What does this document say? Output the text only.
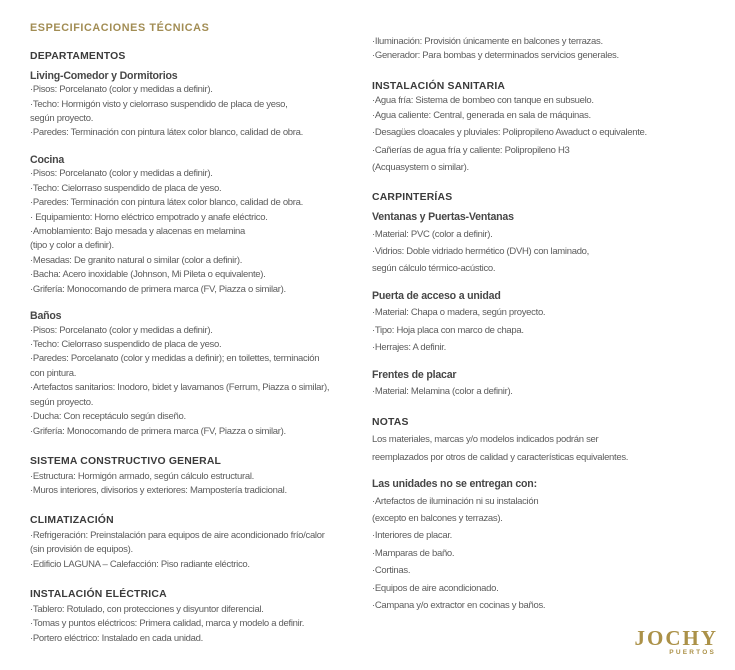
ESPECIFICACIONES TÉCNICAS
DEPARTAMENTOS
Living-Comedor y Dormitorios
·Pisos: Porcelanato (color y medidas a definir).
·Techo: Hormigón visto y cielorraso suspendido de placa de yeso,
según proyecto.
·Paredes: Terminación con pintura látex color blanco, calidad de obra.
Cocina
·Pisos: Porcelanato (color y medidas a definir).
·Techo: Cielorraso suspendido de placa de yeso.
·Paredes: Terminación con pintura látex color blanco, calidad de obra.
· Equipamiento: Horno eléctrico empotrado y anafe eléctrico.
·Amoblamiento: Bajo mesada y alacenas en melamina
(tipo y color a definir).
·Mesadas: De granito natural o similar (color a definir).
·Bacha: Acero inoxidable (Johnson, Mi Pileta o equivalente).
·Grifería: Monocomando de primera marca (FV, Piazza o similar).
Baños
·Pisos: Porcelanato (color y medidas a definir).
·Techo: Cielorraso suspendido de placa de yeso.
·Paredes: Porcelanato (color y medidas a definir); en toilettes, terminación
con pintura.
·Artefactos sanitarios: Inodoro, bidet y lavamanos (Ferrum, Piazza o similar),
según proyecto.
·Ducha: Con receptáculo según diseño.
·Grifería: Monocomando de primera marca (FV, Piazza o similar).
SISTEMA CONSTRUCTIVO GENERAL
·Estructura: Hormigón armado, según cálculo estructural.
·Muros interiores, divisorios y exteriores: Mampostería tradicional.
CLIMATIZACIÓN
·Refrigeración: Preinstalación para equipos de aire acondicionado frío/calor
(sin provisión de equipos).
·Edificio LAGUNA – Calefacción: Piso radiante eléctrico.
INSTALACIÓN ELÉCTRICA
·Tablero: Rotulado, con protecciones y disyuntor diferencial.
·Tomas y puntos eléctricos: Primera calidad, marca y modelo a definir.
·Portero eléctrico: Instalado en cada unidad.
·Iluminación: Provisión únicamente en balcones y terrazas.
·Generador: Para bombas y determinados servicios generales.
INSTALACIÓN SANITARIA
·Agua fría: Sistema de bombeo con tanque en subsuelo.
·Agua caliente: Central, generada en sala de máquinas.
·Desagües cloacales y pluviales: Polipropileno Awaduct o equivalente.
·Cañerías de agua fría y caliente: Polipropileno H3
(Acquasystem o similar).
CARPINTERÍAS
Ventanas y Puertas-Ventanas
·Material: PVC (color a definir).
·Vidrios: Doble vidriado hermético (DVH) con laminado,
según cálculo térmico-acústico.
Puerta de acceso a unidad
·Material: Chapa o madera, según proyecto.
·Tipo: Hoja placa con marco de chapa.
·Herrajes: A definir.
Frentes de placar
·Material: Melamina (color a definir).
NOTAS
Los materiales, marcas y/o modelos indicados podrán ser
reemplazados por otros de calidad y características equivalentes.
Las unidades no se entregan con:
·Artefactos de iluminación ni su instalación
(excepto en balcones y terrazas).
·Interiores de placar.
·Mamparas de baño.
·Cortinas.
·Equipos de aire acondicionado.
·Campana y/o extractor en cocinas y baños.
JOCHY
PUERTOS
